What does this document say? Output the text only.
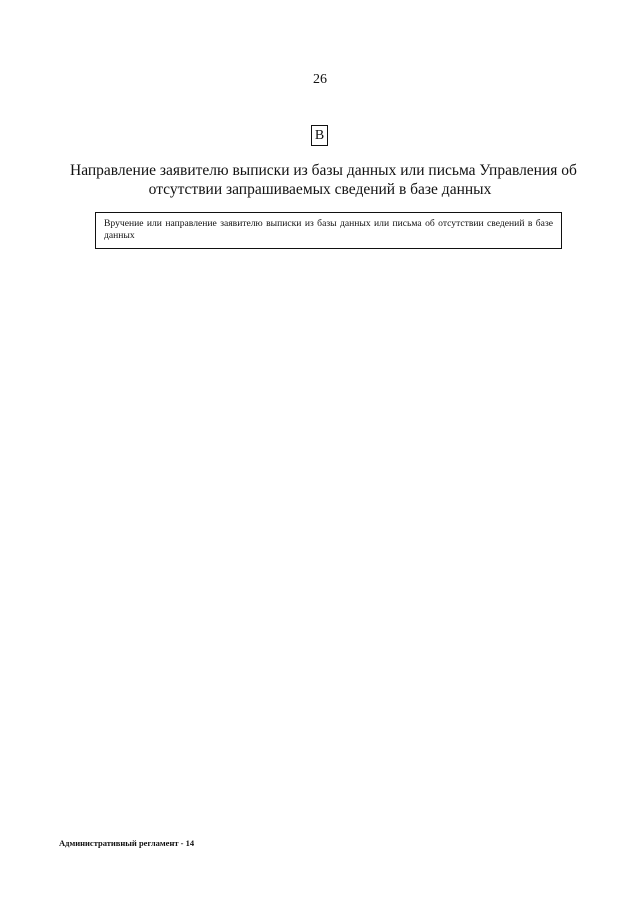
26
В
Направление заявителю выписки из базы данных или письма Управления об
отсутствии запрашиваемых сведений в базе данных
Вручение или направление заявителю выписки из базы данных или письма об отсутствии сведений в базе данных
Административный регламент - 14
